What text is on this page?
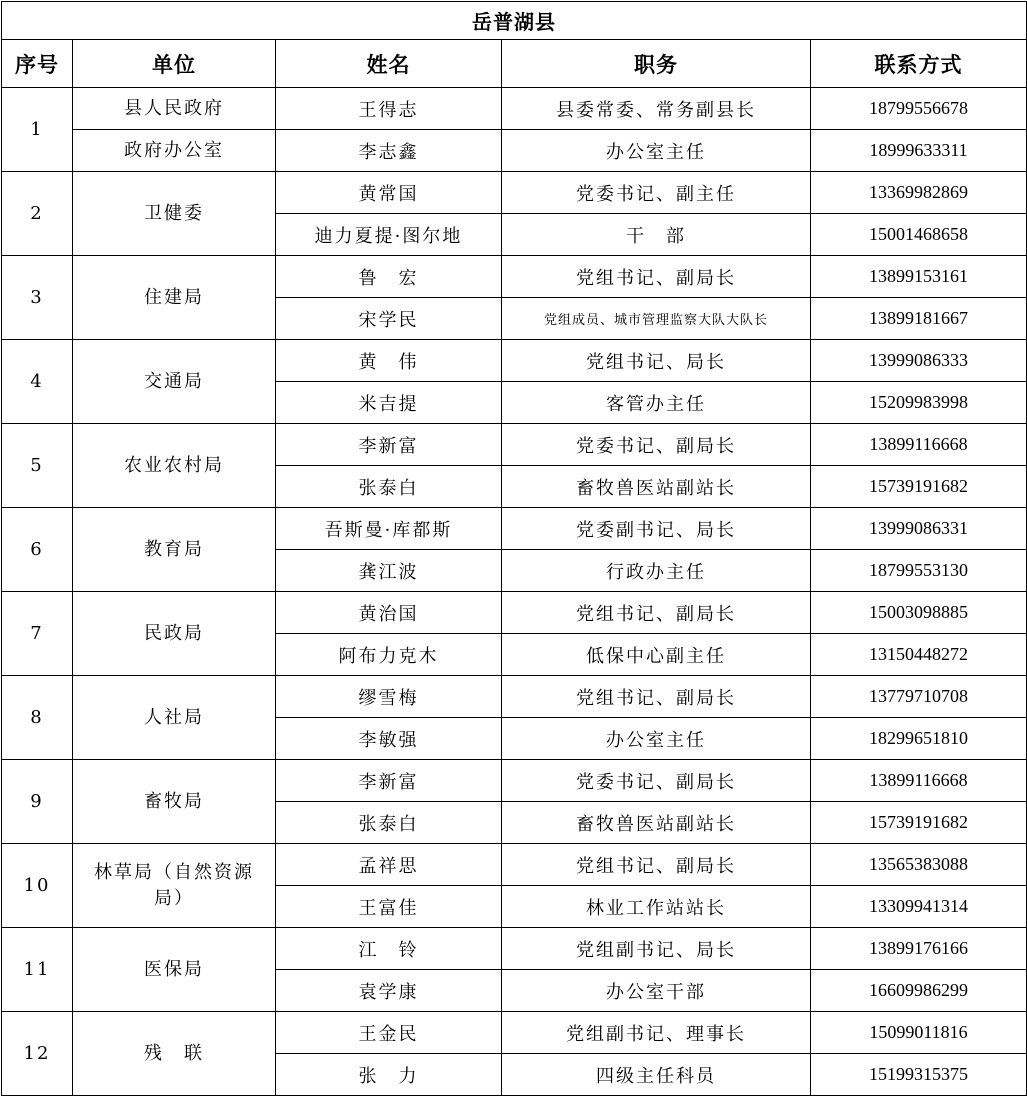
岳普湖县				
序号	单位	姓名	职务	联系方式
1	县人民政府	王得志	县委常委、常务副县长	18799556678
	政府办公室	李志鑫	办公室主任	18999633311
2	卫健委	黄常国	党委书记、副主任	13369982869
		迪力夏提·图尔地	干　部	15001468658
3	住建局	鲁　宏	党组书记、副局长	13899153161
		宋学民	党组成员、城市管理监察大队大队长	13899181667
4	交通局	黄　伟	党组书记、局长	13999086333
		米吉提	客管办主任	15209983998
5	农业农村局	李新富	党委书记、副局长	13899116668
		张泰白	畜牧兽医站副站长	15739191682
6	教育局	吾斯曼·库都斯	党委副书记、局长	13999086331
		龚江波	行政办主任	18799553130
7	民政局	黄治国	党组书记、副局长	15003098885
		阿布力克木	低保中心副主任	13150448272
8	人社局	缪雪梅	党组书记、副局长	13779710708
		李敏强	办公室主任	18299651810
9	畜牧局	李新富	党委书记、副局长	13899116668
		张泰白	畜牧兽医站副站长	15739191682
10	林草局（自然资源局）	孟祥思	党组书记、副局长	13565383088
		王富佳	林业工作站站长	13309941314
11	医保局	江　铃	党组副书记、局长	13899176166
		袁学康	办公室干部	16609986299
12	残　联	王金民	党组副书记、理事长	15099011816
		张　力	四级主任科员	15199315375
